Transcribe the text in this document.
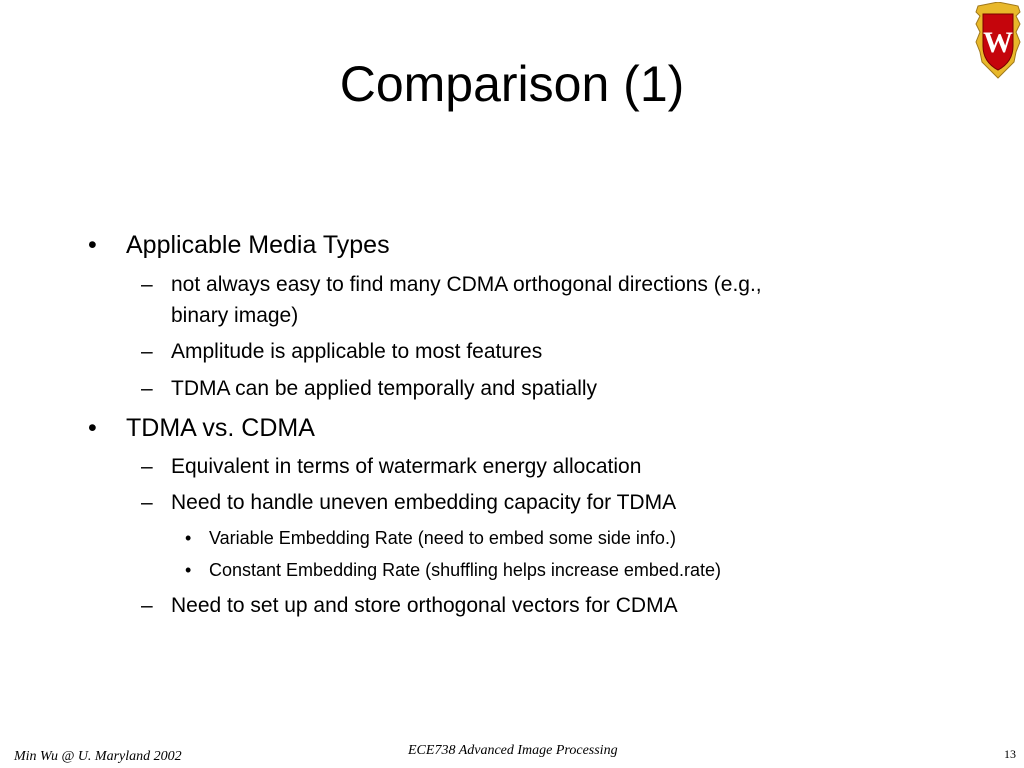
Comparison (1)
W
• Applicable Media Types
– not always easy to find many CDMA orthogonal directions (e.g.,
binary image)
– Amplitude is applicable to most features
– TDMA can be applied temporally and spatially
• TDMA vs. CDMA
– Equivalent in terms of watermark energy allocation
– Need to handle uneven embedding capacity for TDMA
• Variable Embedding Rate (need to embed some side info.)
• Constant Embedding Rate (shuffling helps increase embed.rate)
– Need to set up and store orthogonal vectors for CDMA
Min Wu @ U. Maryland 2002	ECE738 Advanced Image Processing	13
